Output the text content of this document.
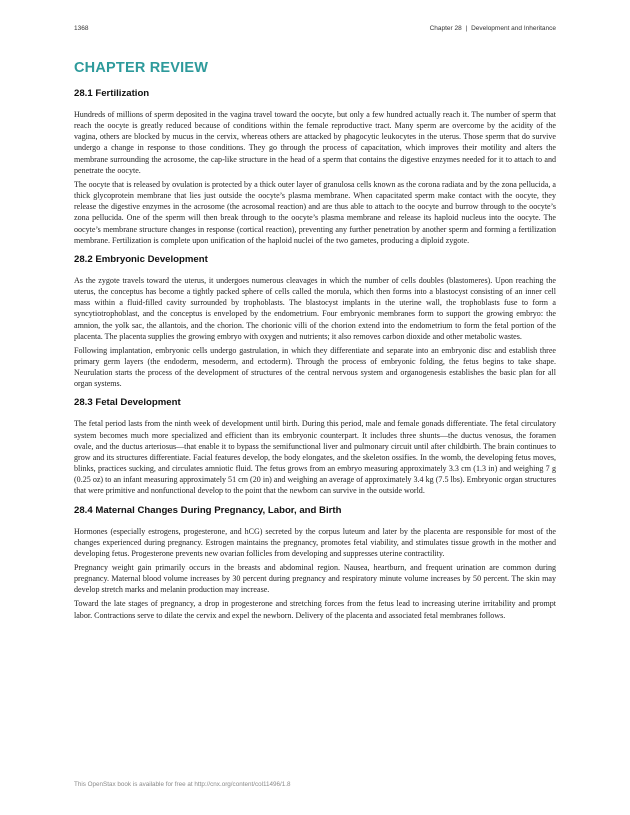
1368	Chapter 28 | Development and Inheritance
CHAPTER REVIEW
28.1 Fertilization

Hundreds of millions of sperm deposited in the vagina travel toward the oocyte, but only a few hundred actually reach it. The number of sperm that reach the oocyte is greatly reduced because of conditions within the female reproductive tract. Many sperm are overcome by the acidity of the vagina, others are blocked by mucus in the cervix, whereas others are attacked by phagocytic leukocytes in the uterus. Those sperm that do survive undergo a change in response to those conditions. They go through the process of capacitation, which improves their motility and alters the membrane surrounding the acrosome, the cap-like structure in the head of a sperm that contains the digestive enzymes needed for it to attach to and penetrate the oocyte.

The oocyte that is released by ovulation is protected by a thick outer layer of granulosa cells known as the corona radiata and by the zona pellucida, a thick glycoprotein membrane that lies just outside the oocyte’s plasma membrane. When capacitated sperm make contact with the oocyte, they release the digestive enzymes in the acrosome (the acrosomal reaction) and are thus able to attach to the oocyte and burrow through to the oocyte’s zona pellucida. One of the sperm will then break through to the oocyte’s plasma membrane and release its haploid nucleus into the oocyte. The oocyte’s membrane structure changes in response (cortical reaction), preventing any further penetration by another sperm and forming a fertilization membrane. Fertilization is complete upon unification of the haploid nuclei of the two gametes, producing a diploid zygote.

28.2 Embryonic Development

As the zygote travels toward the uterus, it undergoes numerous cleavages in which the number of cells doubles (blastomeres). Upon reaching the uterus, the conceptus has become a tightly packed sphere of cells called the morula, which then forms into a blastocyst consisting of an inner cell mass within a fluid-filled cavity surrounded by trophoblasts. The blastocyst implants in the uterine wall, the trophoblasts fuse to form a syncytiotrophoblast, and the conceptus is enveloped by the endometrium. Four embryonic membranes form to support the growing embryo: the amnion, the yolk sac, the allantois, and the chorion. The chorionic villi of the chorion extend into the endometrium to form the fetal portion of the placenta. The placenta supplies the growing embryo with oxygen and nutrients; it also removes carbon dioxide and other metabolic wastes.

Following implantation, embryonic cells undergo gastrulation, in which they differentiate and separate into an embryonic disc and establish three primary germ layers (the endoderm, mesoderm, and ectoderm). Through the process of embryonic folding, the fetus begins to take shape. Neurulation starts the process of the development of structures of the central nervous system and organogenesis establishes the basic plan for all organ systems.

28.3 Fetal Development

The fetal period lasts from the ninth week of development until birth. During this period, male and female gonads differentiate. The fetal circulatory system becomes much more specialized and efficient than its embryonic counterpart. It includes three shunts—the ductus venosus, the foramen ovale, and the ductus arteriosus—that enable it to bypass the semifunctional liver and pulmonary circuit until after childbirth. The brain continues to grow and its structures differentiate. Facial features develop, the body elongates, and the skeleton ossifies. In the womb, the developing fetus moves, blinks, practices sucking, and circulates amniotic fluid. The fetus grows from an embryo measuring approximately 3.3 cm (1.3 in) and weighing 7 g (0.25 oz) to an infant measuring approximately 51 cm (20 in) and weighing an average of approximately 3.4 kg (7.5 lbs). Embryonic organ structures that were primitive and nonfunctional develop to the point that the newborn can survive in the outside world.

28.4 Maternal Changes During Pregnancy, Labor, and Birth

Hormones (especially estrogens, progesterone, and hCG) secreted by the corpus luteum and later by the placenta are responsible for most of the changes experienced during pregnancy. Estrogen maintains the pregnancy, promotes fetal viability, and stimulates tissue growth in the mother and developing fetus. Progesterone prevents new ovarian follicles from developing and suppresses uterine contractility.

Pregnancy weight gain primarily occurs in the breasts and abdominal region. Nausea, heartburn, and frequent urination are common during pregnancy. Maternal blood volume increases by 30 percent during pregnancy and respiratory minute volume increases by 50 percent. The skin may develop stretch marks and melanin production may increase.

Toward the late stages of pregnancy, a drop in progesterone and stretching forces from the fetus lead to increasing uterine irritability and prompt labor. Contractions serve to dilate the cervix and expel the newborn. Delivery of the placenta and associated fetal membranes follows.

This OpenStax book is available for free at http://cnx.org/content/col11496/1.8
